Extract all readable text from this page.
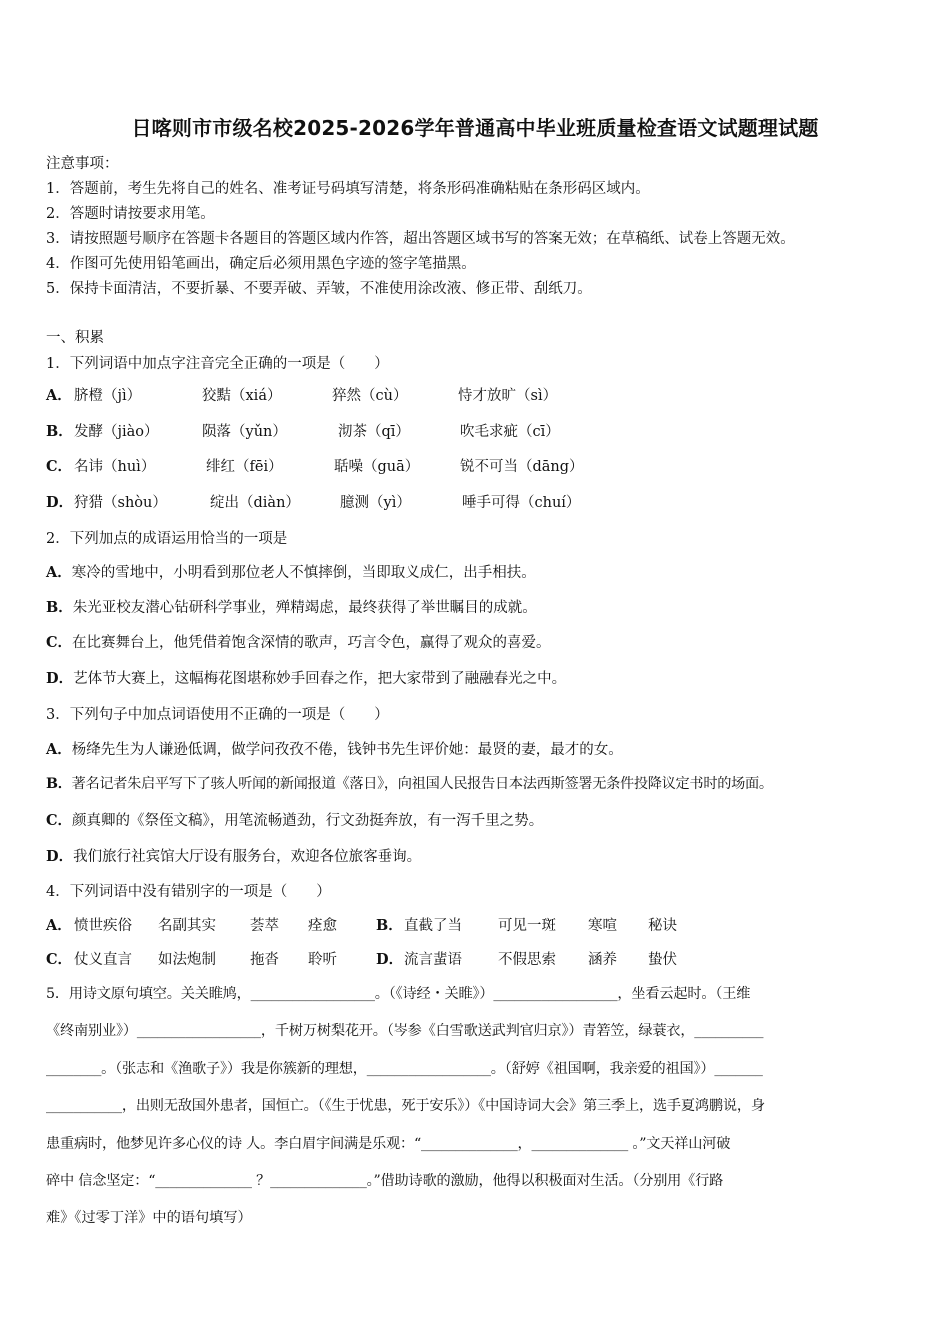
日喀则市市级名校2025-2026学年普通高中毕业班质量检查语文试题理试题
注意事项：
1．答题前，考生先将自己的姓名、准考证号码填写清楚，将条形码准确粘贴在条形码区域内。
2．答题时请按要求用笔。
3．请按照题号顺序在答题卡各题目的答题区域内作答，超出答题区域书写的答案无效；在草稿纸、试卷上答题无效。
4．作图可先使用铅笔画出，确定后必须用黑色字迹的签字笔描黑。
5．保持卡面清洁，不要折暴、不要弄破、弄皱，不准使用涂改液、修正带、刮纸刀。
一、积累
1．下列词语中加点字注音完全正确的一项是（　　）
A． 脐橙（jì）	狡黠（xiá）	猝然（cù）	恃才放旷（sì）
B． 发酵（jiào）	陨落（yǔn）	沏茶（qī）	吹毛求疵（cī）
C． 名讳（huì）	绯红（fēi）	聒噪（guā）	锐不可当（dāng）
D． 狩猎（shòu）	绽出（diàn）	臆测（yì）	唾手可得（chuí）
2．下列加点的成语运用恰当的一项是
A．寒冷的雪地中，小明看到那位老人不慎摔倒，当即取义成仁，出手相扶。
B．朱光亚校友潜心钻研科学事业，殚精竭虑，最终获得了举世瞩目的成就。
C．在比赛舞台上，他凭借着饱含深情的歌声，巧言令色，赢得了观众的喜爱。
D．艺体节大赛上，这幅梅花图堪称妙手回春之作，把大家带到了融融春光之中。
3．下列句子中加点词语使用不正确的一项是（　　）
A．杨绛先生为人谦逊低调，做学问孜孜不倦，钱钟书先生评价她：最贤的妻，最才的女。
B．著名记者朱启平写下了骇人听闻的新闻报道《落日》，向祖国人民报告日本法西斯签署无条件投降议定书时的场面。
C．颜真卿的《祭侄文稿》，用笔流畅遒劲，行文劲挺奔放，有一泻千里之势。
D．我们旅行社宾馆大厅设有服务台，欢迎各位旅客垂询。
4．下列词语中没有错别字的一项是（　　）
A． 愤世疾俗 名副其实 荟萃 痊愈	B． 直截了当 可见一斑 寒喧 秘诀
C． 仗义直言 如法炮制 拖沓 聆听	D． 流言蜚语 不假思索 涵养 蛰伏
5．用诗文原句填空。关关睢鸠，__________________。（《诗经・关睢》）__________________，坐看云起时。（王维
《终南别业》）__________________，千树万树梨花开。（岑参《白雪歌送武判官归京》）青箬笠，绿蓑衣，__________
________。（张志和《渔歌子》）我是你簇新的理想，__________________。（舒婷《祖国啊，我亲爱的祖国》）_______
___________，出则无敌国外患者，国恒亡。（《生于忧患，死于安乐》）《中国诗词大会》第三季上，选手夏鸿鹏说，身
患重病时，他梦见许多心仪的诗 人。李白眉宇间满是乐观：“______________，______________ 。”文天祥山河破
碎中 信念坚定：“______________ ？______________。”借助诗歌的激励，他得以积极面对生活。（分别用《行路
难》《过零丁洋》中的语句填写）
